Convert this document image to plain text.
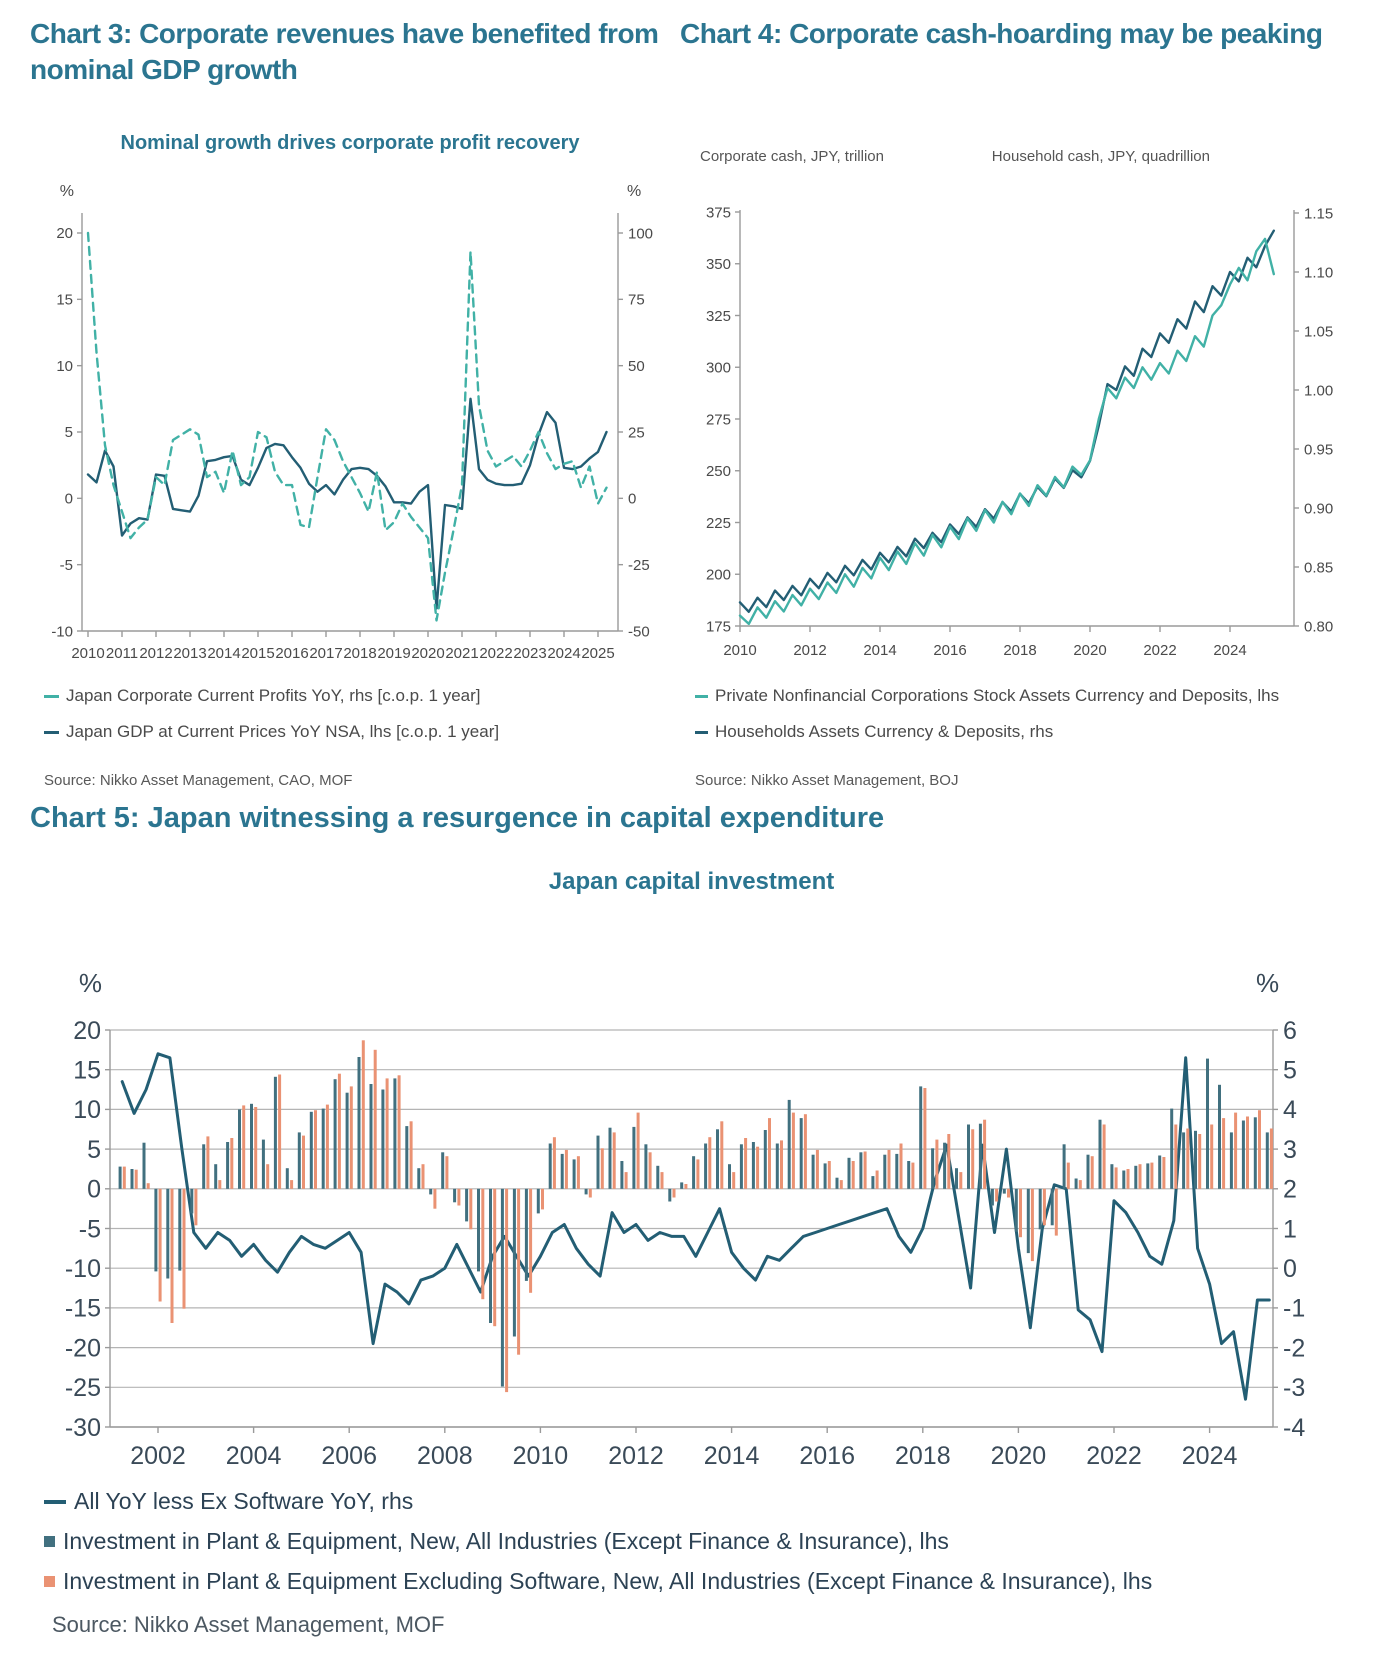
20
15
10
5
0
-5
-10
100
75
50
25
0
-25
-50
2010 2011 2012 2013 2014 2015 2016 2017 2018 2019 2020 2021 2022 2023 2024 2025
%	%
375
350
325
300
275
250
225
200
175
1.15
1.10
1.05
1.00
0.95
0.90
0.85
0.80
2010 2012 2014 2016 2018 2020 2022 2024
20
15
10
5
0
-5
-10
-15
-20
-25
-30
6
5
4
3
2
1
0
-1
-2
-3
-4
2002 2004 2006 2008 2010 2012 2014 2016 2018 2020 2022 2024
%	%
Chart 3: Corporate revenues have benefited from nominal GDP growth
Nominal growth drives corporate profit recovery
Japan Corporate Current Profits YoY, rhs [c.o.p. 1 year]
Japan GDP at Current Prices YoY NSA, lhs [c.o.p. 1 year]
Source: Nikko Asset Management, CAO, MOF
Chart 4: Corporate cash-hoarding may be peaking
Corporate cash, JPY, trillion	Household cash, JPY, quadrillion
Private Nonfinancial Corporations Stock Assets Currency and Deposits, lhs
Households Assets Currency & Deposits, rhs
Source: Nikko Asset Management, BOJ
Chart 5: Japan witnessing a resurgence in capital expenditure
Japan capital investment
All YoY less Ex Software YoY, rhs
Investment in Plant & Equipment, New, All Industries (Except Finance & Insurance), lhs
Investment in Plant & Equipment Excluding Software, New, All Industries (Except Finance & Insurance), lhs
Source: Nikko Asset Management, MOF
